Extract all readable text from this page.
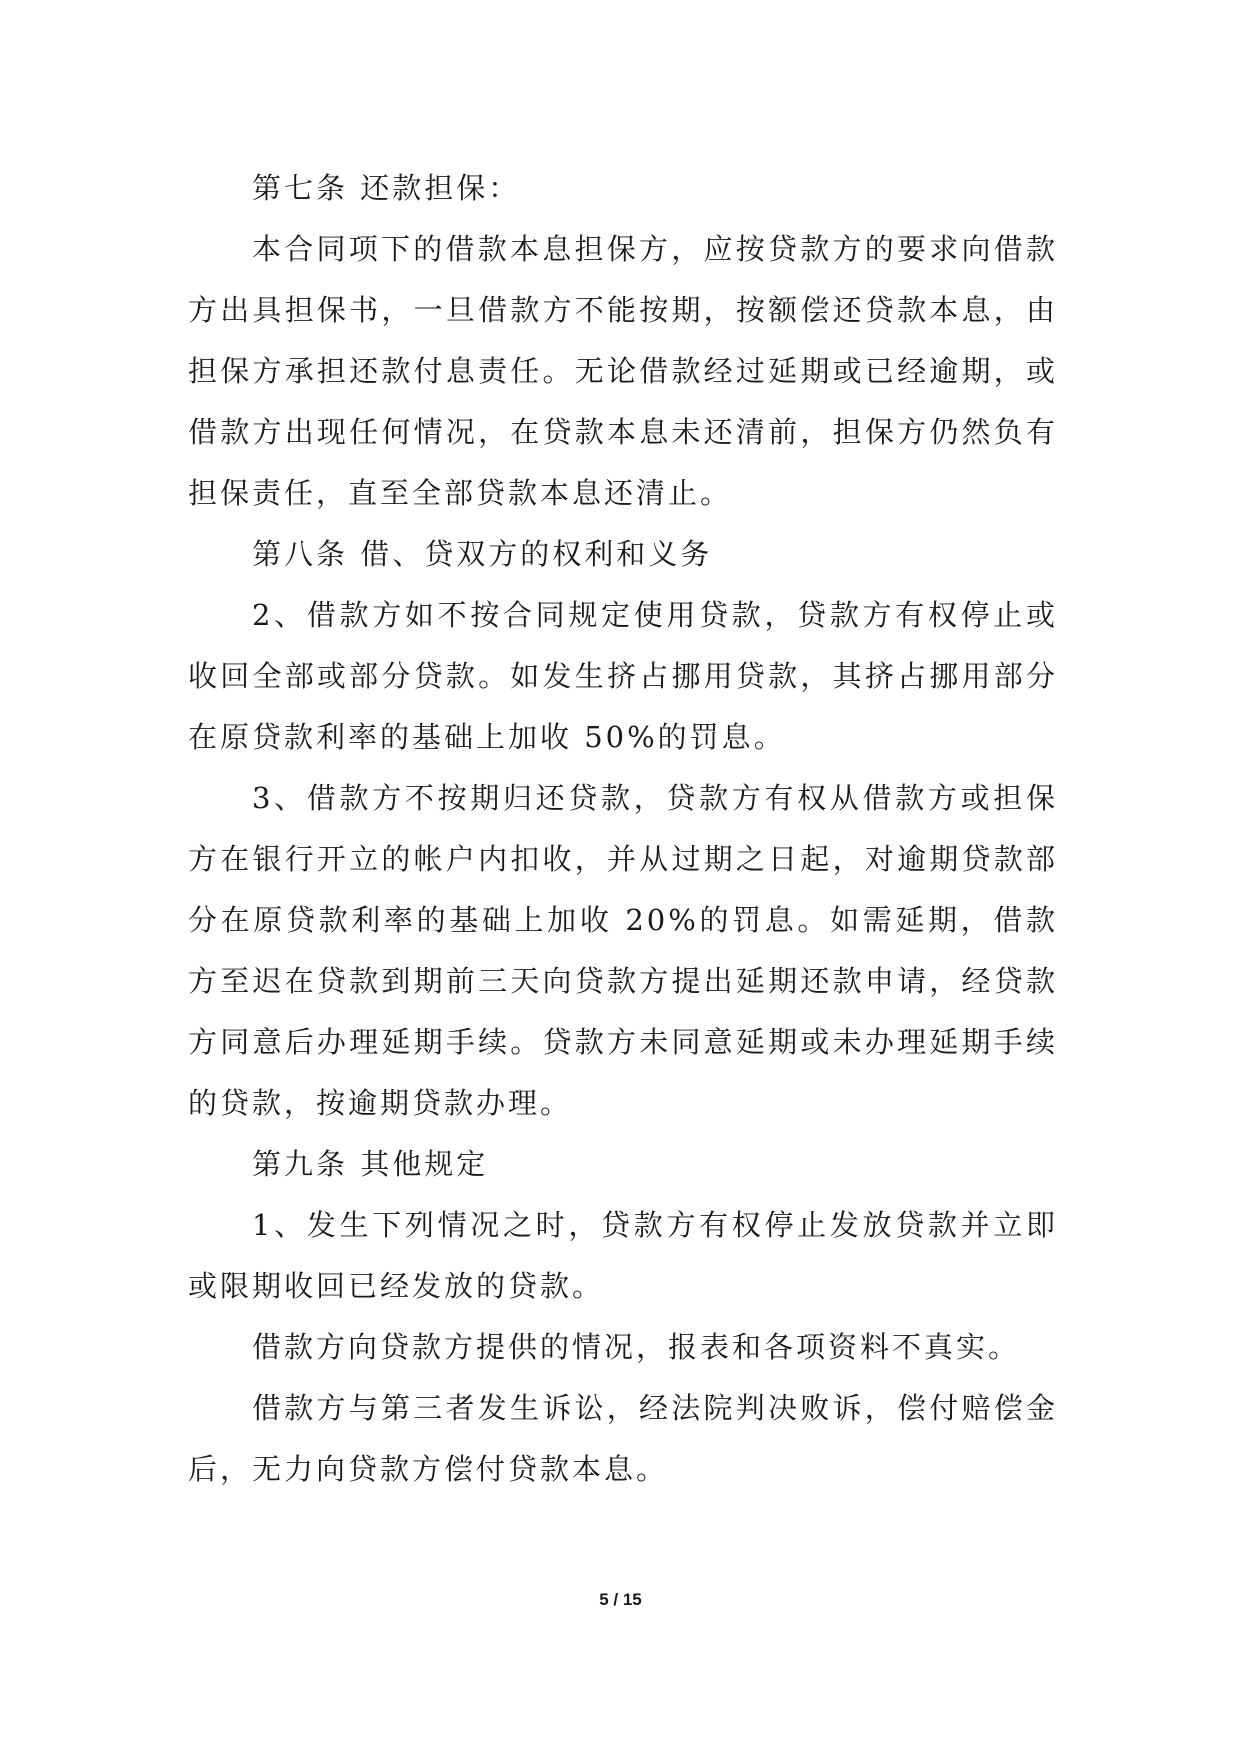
第七条 还款担保：

本合同项下的借款本息担保方，应按贷款方的要求向借款方出具担保书，一旦借款方不能按期，按额偿还贷款本息，由担保方承担还款付息责任。无论借款经过延期或已经逾期，或借款方出现任何情况，在贷款本息未还清前，担保方仍然负有担保责任，直至全部贷款本息还清止。

第八条 借、贷双方的权利和义务

2、借款方如不按合同规定使用贷款，贷款方有权停止或收回全部或部分贷款。如发生挤占挪用贷款，其挤占挪用部分在原贷款利率的基础上加收 50%的罚息。

3、借款方不按期归还贷款，贷款方有权从借款方或担保方在银行开立的帐户内扣收，并从过期之日起，对逾期贷款部分在原贷款利率的基础上加收 20%的罚息。如需延期，借款方至迟在贷款到期前三天向贷款方提出延期还款申请，经贷款方同意后办理延期手续。贷款方未同意延期或未办理延期手续的贷款，按逾期贷款办理。

第九条 其他规定

1、发生下列情况之时，贷款方有权停止发放贷款并立即或限期收回已经发放的贷款。

借款方向贷款方提供的情况，报表和各项资料不真实。

借款方与第三者发生诉讼，经法院判决败诉，偿付赔偿金后，无力向贷款方偿付贷款本息。

5 / 15
